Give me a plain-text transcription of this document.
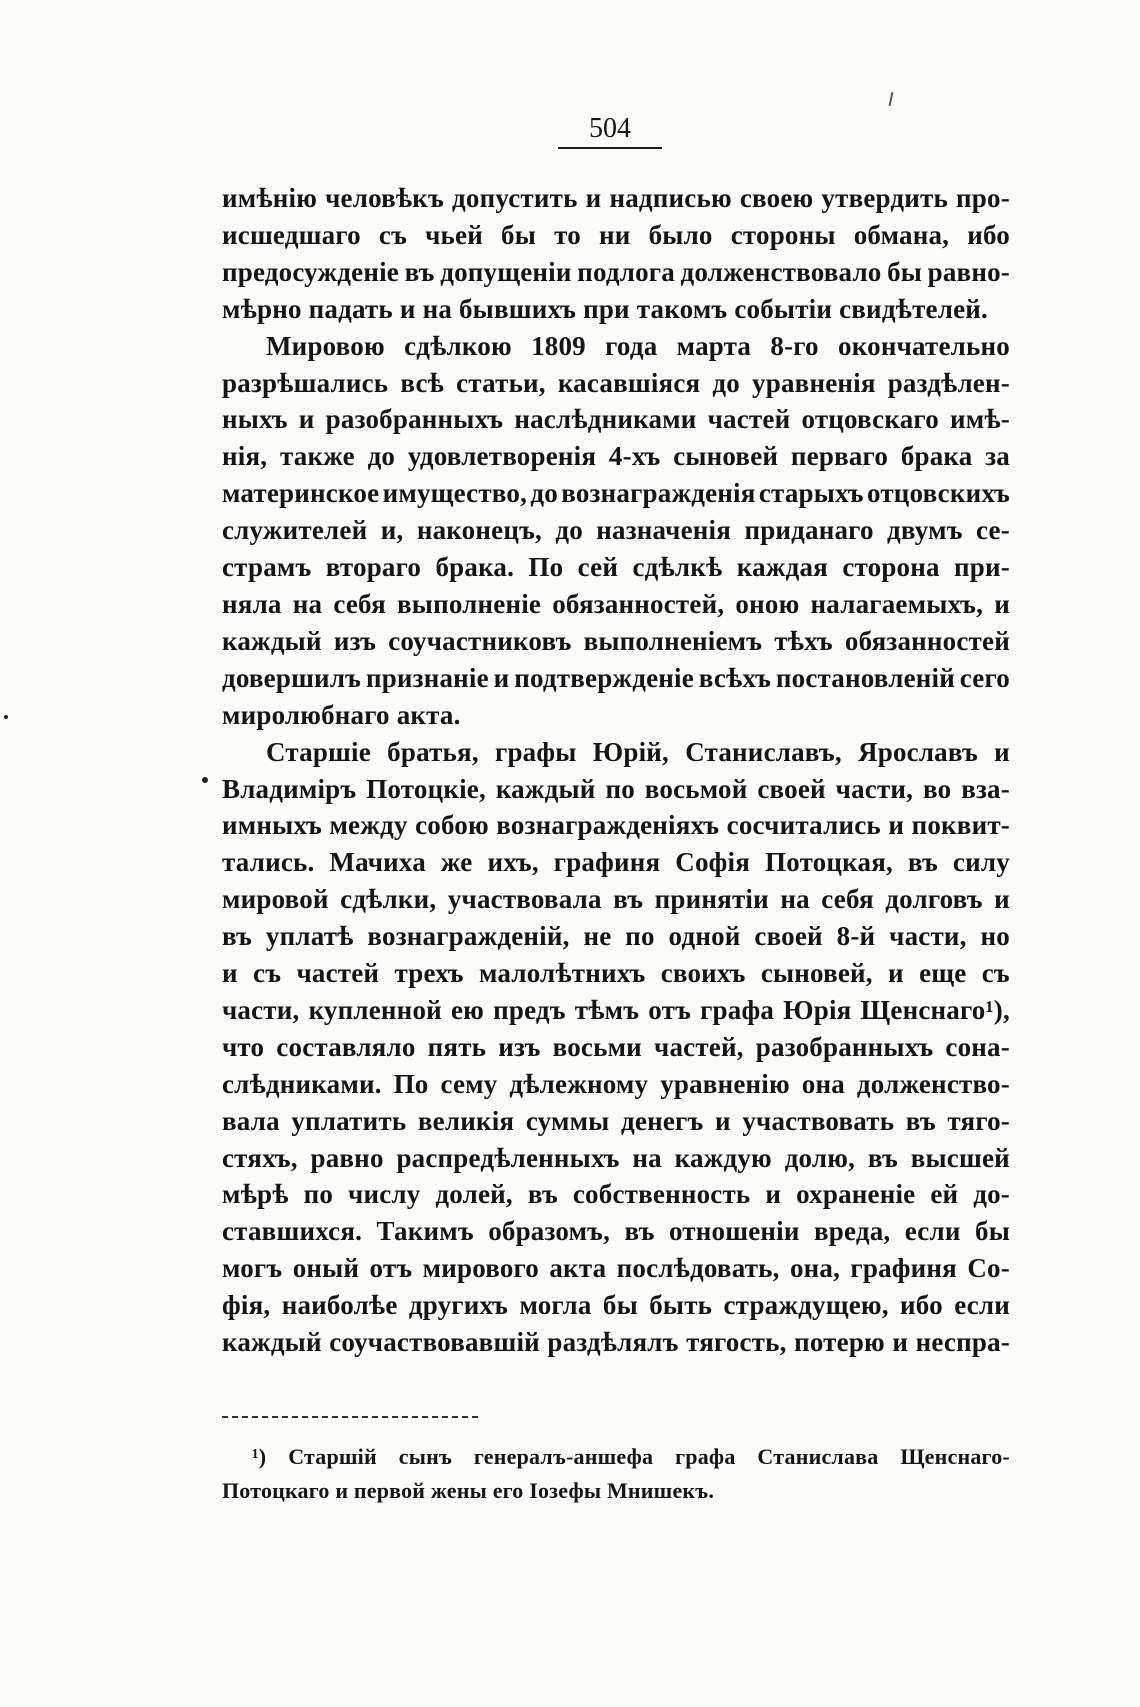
504
имѣнію человѣкъ допустить и надписью своею утвердить про-
исшедшаго съ чьей бы то ни было стороны обмана, ибо
предосужденіе въ допущеніи подлога долженствовало бы равно-
мѣрно
падать
и
на
бывшихъ
при
такомъ
событіи
свидѣтелей.

Мировою сдѣлкою 1809 года марта 8-го окончательно
разрѣшались всѣ статьи, касавшіяся до уравненія раздѣлен-
ныхъ и разобранныхъ наслѣдниками частей отцовскаго имѣ-
нія, также до удовлетворенія 4-хъ сыновей перваго брака за
материнское имущество, до вознагражденія старыхъ отцовскихъ
служителей и, наконецъ, до назначенія приданаго двумъ се-
страмъ втораго брака. По сей сдѣлкѣ каждая сторона при-
няла на себя выполненіе обязанностей, оною налагаемыхъ, и
каждый изъ соучастниковъ выполненіемъ тѣхъ обязанностей
довершилъ признаніе и подтвержденіе всѣхъ постановленій сего
миролюбнаго
акта.

Старшіе братья, графы Юрій, Станиславъ, Ярославъ и
Владиміръ Потоцкіе, каждый по восьмой своей части, во вза-
имныхъ между собою вознагражденіяхъ сосчитались и поквит-
тались. Мачиха же ихъ, графиня Софія Потоцкая, въ силу
мировой сдѣлки, участвовала въ принятіи на себя долговъ и
въ уплатѣ вознагражденій, не по одной своей 8-й части, но
и съ частей трехъ малолѣтнихъ своихъ сыновей, и еще съ
части, купленной ею предъ тѣмъ отъ графа Юрія Щенснаго¹),
что составляло пять изъ восьми частей, разобранныхъ сона-
слѣдниками. По сему дѣлежному уравненію она долженство-
вала уплатить великія суммы денегъ и участвовать въ тяго-
стяхъ, равно распредѣленныхъ на каждую долю, въ высшей
мѣрѣ по числу долей, въ собственность и охраненіе ей до-
ставшихся. Такимъ образомъ, въ отношеніи вреда, если бы
могъ оный отъ мирового акта послѣдовать, она, графиня Со-
фія, наиболѣе другихъ могла бы быть страждущею, ибо если
каждый соучаствовавшій раздѣлялъ тягость, потерю и неспра-
¹) Старшій сынъ генералъ-аншефа графа Станислава Щенснаго-
Потоцкаго
и
первой
жены
его
Іозефы
Мнишекъ.
